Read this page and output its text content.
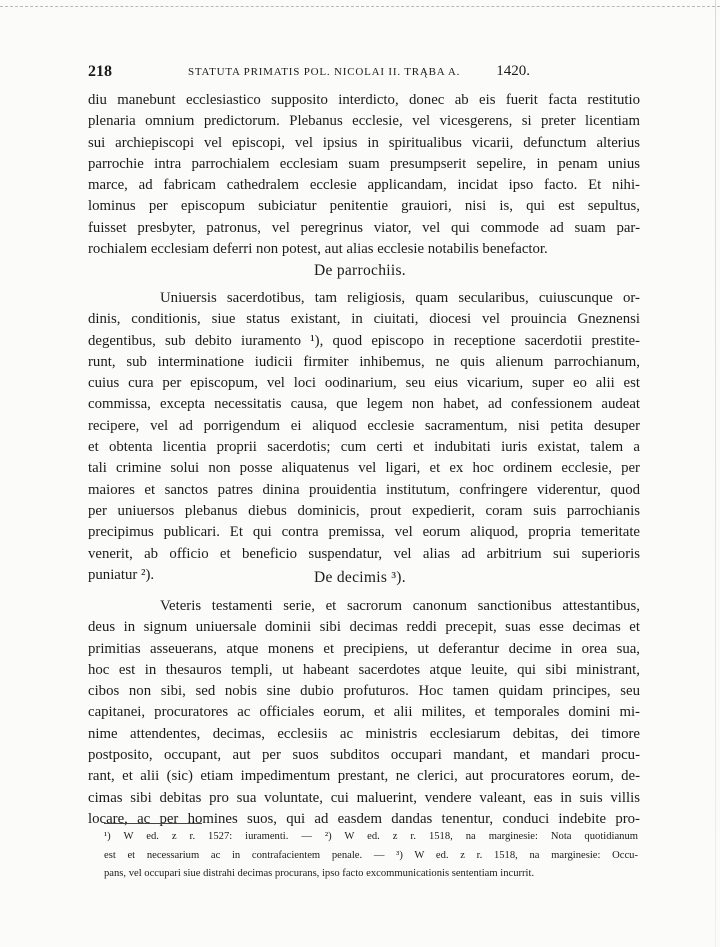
218	STATUTA PRIMATIS POL. NICOLAI II. TRĄBA A. 1420.
diu manebunt ecclesiastico supposito interdicto, donec ab eis fuerit facta restitutio
plenaria omnium predictorum. Plebanus ecclesie, vel vicesgerens, si preter licentiam
sui archiepiscopi vel episcopi, vel ipsius in spiritualibus vicarii, defunctum alterius
parrochie intra parrochialem ecclesiam suam presumpserit sepelire, in penam unius
marce, ad fabricam cathedralem ecclesie applicandam, incidat ipso facto. Et nihi-
lominus per episcopum subiciatur penitentie grauiori, nisi is, qui est sepultus,
fuisset presbyter, patronus, vel peregrinus viator, vel qui commode ad suam par-
rochialem ecclesiam deferri non potest, aut alias ecclesie notabilis benefactor.
De parrochiis.
Uniuersis sacerdotibus, tam religiosis, quam secularibus, cuiuscunque or-
dinis, conditionis, siue status existant, in ciuitati, diocesi vel prouincia Gneznensi
degentibus, sub debito iuramento ¹), quod episcopo in receptione sacerdotii prestite-
runt, sub interminatione iudicii firmiter inhibemus, ne quis alienum parrochianum,
cuius cura per episcopum, vel loci oodinarium, seu eius vicarium, super eo alii est
commissa, excepta necessitatis causa, que legem non habet, ad confessionem audeat
recipere, vel ad porrigendum ei aliquod ecclesie sacramentum, nisi petita desuper
et obtenta licentia proprii sacerdotis; cum certi et indubitati iuris existat, talem a
tali crimine solui non posse aliquatenus vel ligari, et ex hoc ordinem ecclesie, per
maiores et sanctos patres dinina prouidentia institutum, confringere viderentur, quod
per uniuersos plebanus diebus dominicis, prout expedierit, coram suis parrochianis
precipimus publicari. Et qui contra premissa, vel eorum aliquod, propria temeritate
venerit, ab officio et beneficio suspendatur, vel alias ad arbitrium sui superioris
puniatur ²).	De decimis ³).
Veteris testamenti serie, et sacrorum canonum sanctionibus attestantibus,
deus in signum uniuersale dominii sibi decimas reddi precepit, suas esse decimas et
primitias asseuerans, atque monens et precipiens, ut deferantur decime in orea sua,
hoc est in thesauros templi, ut habeant sacerdotes atque leuite, qui sibi ministrant,
cibos non sibi, sed nobis sine dubio profuturos. Hoc tamen quidam principes, seu
capitanei, procuratores ac officiales eorum, et alii milites, et temporales domini mi-
nime attendentes, decimas, ecclesiis ac ministris ecclesiarum debitas, dei timore
postposito, occupant, aut per suos subditos occupari mandant, et mandari procu-
rant, et alii (sic) etiam impedimentum prestant, ne clerici, aut procuratores eorum, de-
cimas sibi debitas pro sua voluntate, cui maluerint, vendere valeant, eas in suis villis
locare, ac per homines suos, qui ad easdem dandas tenentur, conduci indebite pro-
¹) W ed. z r. 1527: iuramenti. — ²) W ed. z r. 1518, na marginesie: Nota quotidianum
est et necessarium ac in contrafacientem penale. — ³) W ed. z r. 1518, na marginesie: Occu-
pans, vel occupari siue distrahi decimas procurans, ipso facto excommunicationis sententiam incurrit.
